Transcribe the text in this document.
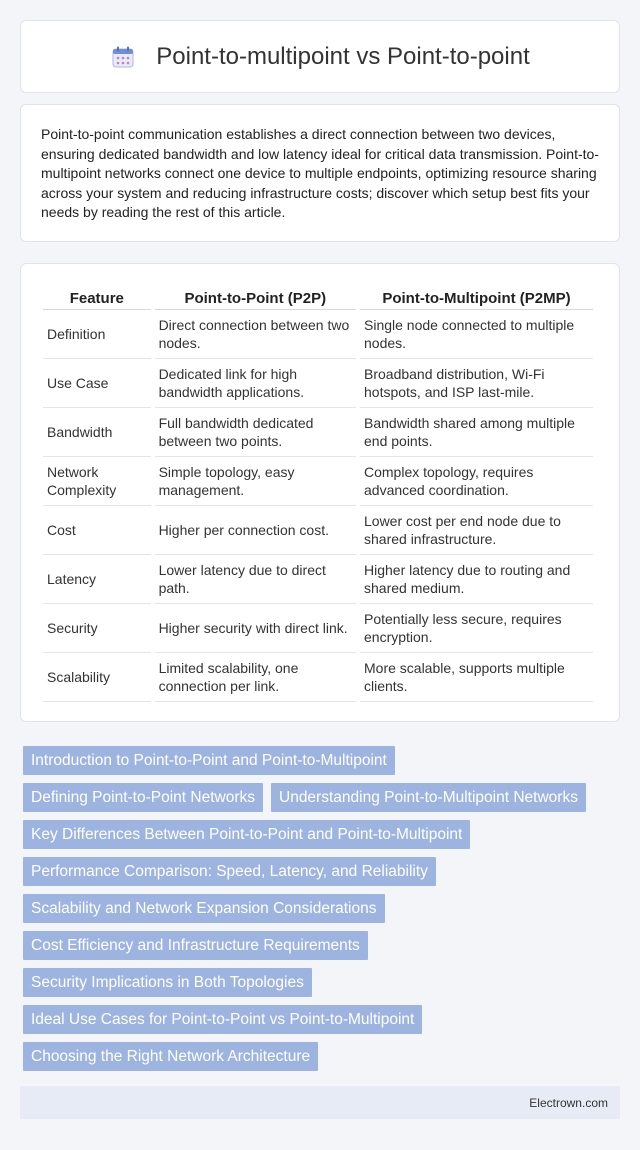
Point-to-multipoint vs Point-to-point

Point-to-point communication establishes a direct connection between two devices, ensuring dedicated bandwidth and low latency ideal for critical data transmission. Point-to-multipoint networks connect one device to multiple endpoints, optimizing resource sharing across your system and reducing infrastructure costs; discover which setup best fits your needs by reading the rest of this article.

Feature	Point-to-Point (P2P)	Point-to-Multipoint (P2MP)
Definition	Direct connection between two nodes.	Single node connected to multiple nodes.
Use Case	Dedicated link for high bandwidth applications.	Broadband distribution, Wi-Fi hotspots, and ISP last-mile.
Bandwidth	Full bandwidth dedicated between two points.	Bandwidth shared among multiple end points.
Network Complexity	Simple topology, easy management.	Complex topology, requires advanced coordination.
Cost	Higher per connection cost.	Lower cost per end node due to shared infrastructure.
Latency	Lower latency due to direct path.	Higher latency due to routing and shared medium.
Security	Higher security with direct link.	Potentially less secure, requires encryption.
Scalability	Limited scalability, one connection per link.	More scalable, supports multiple clients.
Introduction to Point-to-Point and Point-to-Multipoint
Defining Point-to-Point Networks	Understanding Point-to-Multipoint Networks
Key Differences Between Point-to-Point and Point-to-Multipoint
Performance Comparison: Speed, Latency, and Reliability
Scalability and Network Expansion Considerations
Cost Efficiency and Infrastructure Requirements
Security Implications in Both Topologies
Ideal Use Cases for Point-to-Point vs Point-to-Multipoint
Choosing the Right Network Architecture
Electrown.com
